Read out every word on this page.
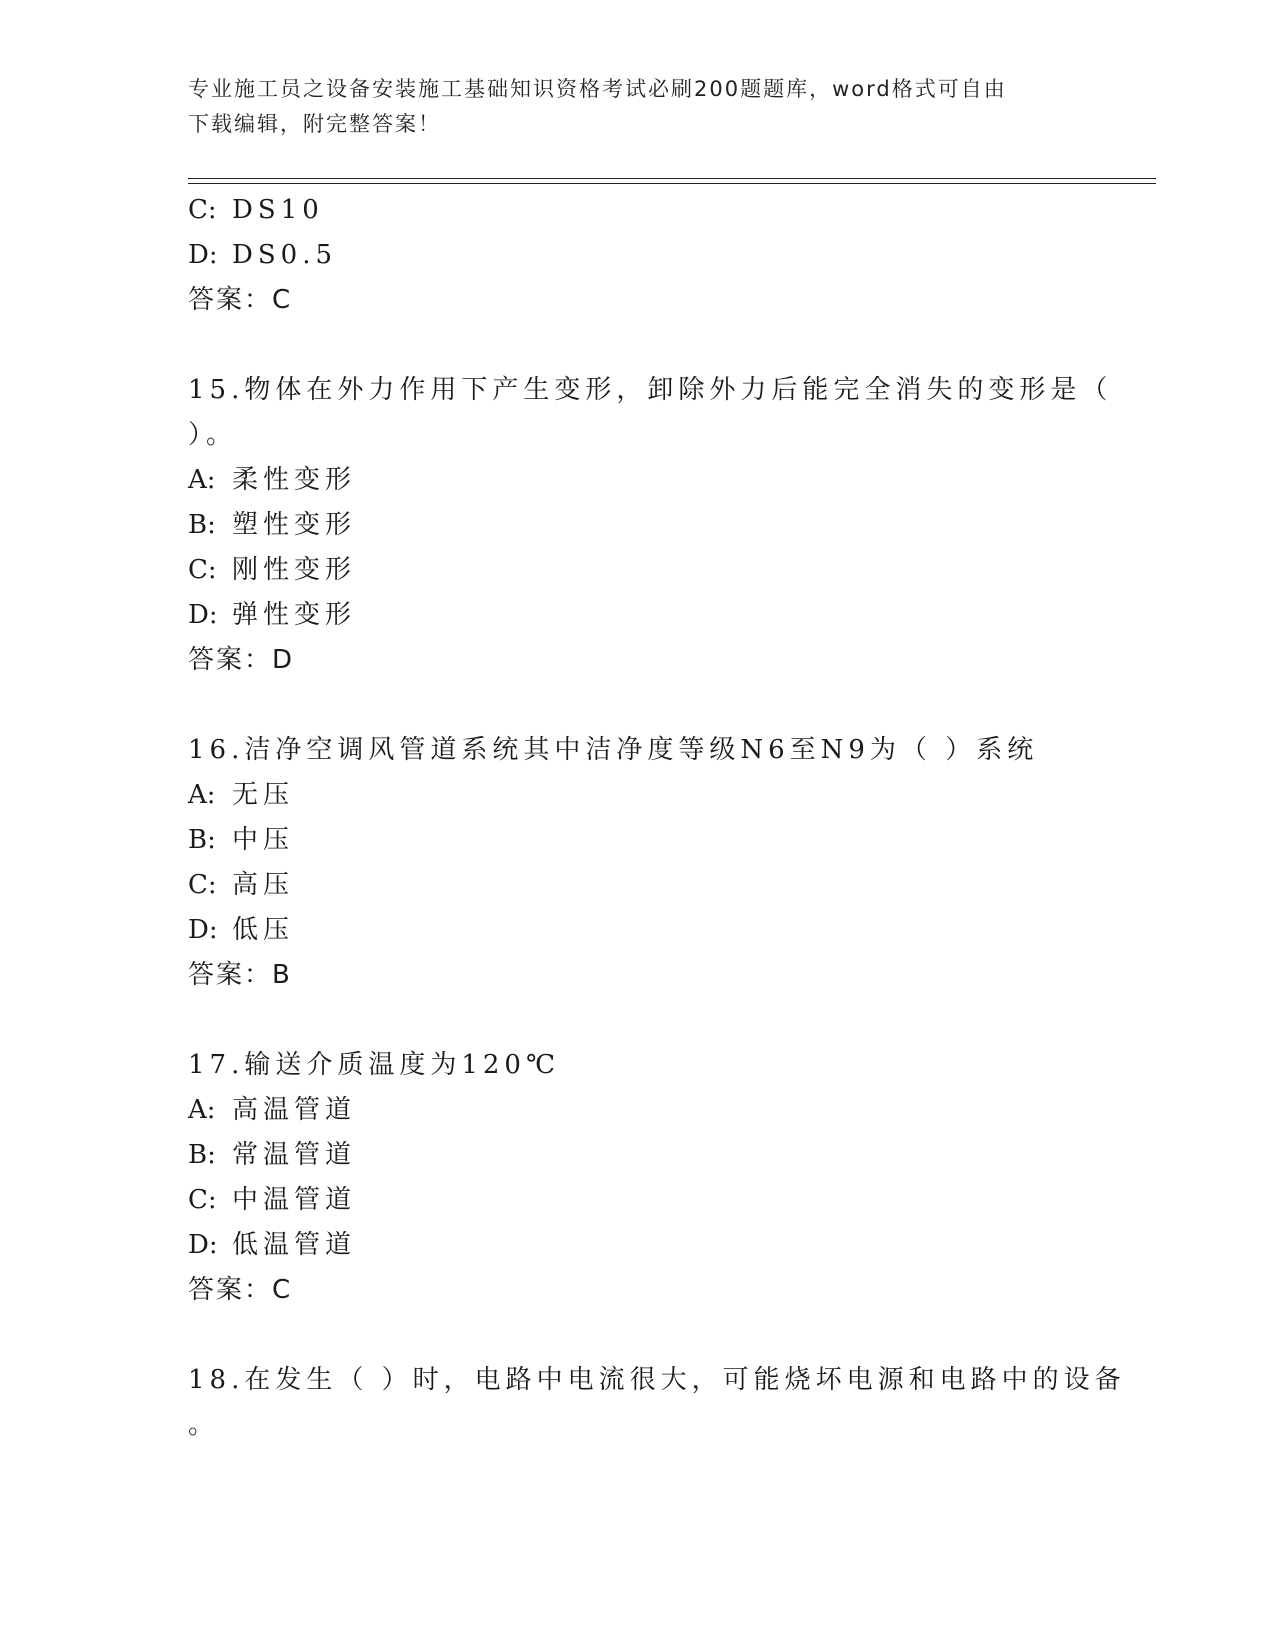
专业施工员之设备安装施工基础知识资格考试必刷200题题库，word格式可自由
下载编辑，附完整答案！
C: DS10
D: DS0.5
答案：C
15.物体在外力作用下产生变形，卸除外力后能完全消失的变形是（
）。
A: 柔性变形
B: 塑性变形
C: 刚性变形
D: 弹性变形
答案：D
16.洁净空调风管道系统其中洁净度等级N6至N9为（ ）系统
A: 无压
B: 中压
C: 高压
D: 低压
答案：B
17.输送介质温度为120℃
A: 高温管道
B: 常温管道
C: 中温管道
D: 低温管道
答案：C
18.在发生（ ）时，电路中电流很大，可能烧坏电源和电路中的设备
。
